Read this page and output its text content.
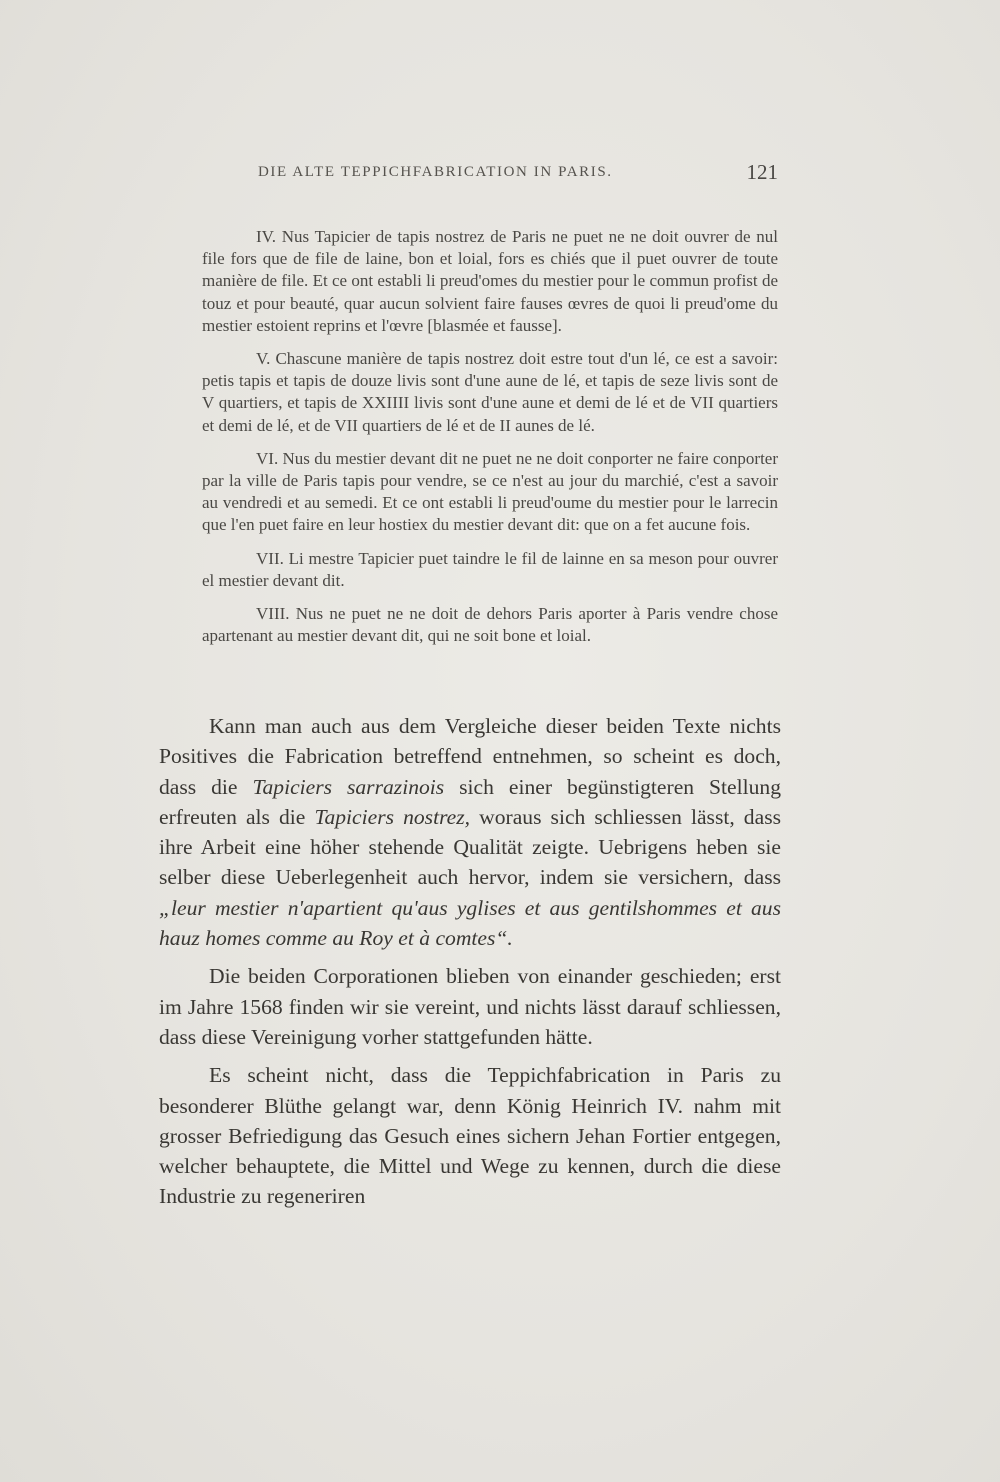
DIE ALTE TEPPICHFABRICATION IN PARIS.	121

IV. Nus Tapicier de tapis nostrez de Paris ne puet ne ne doit ouvrer de nul file fors que de file de laine, bon et loial, fors es chiés que il puet ouvrer de toute manière de file. Et ce ont establi li preud'omes du mestier pour le commun profist de touz et pour beauté, quar aucun solvient faire fauses œvres de quoi li preud'ome du mestier estoient reprins et l'œvre [blasmée et fausse].

V. Chascune manière de tapis nostrez doit estre tout d'un lé, ce est a savoir: petis tapis et tapis de douze livis sont d'une aune de lé, et tapis de seze livis sont de V quartiers, et tapis de XXIIII livis sont d'une aune et demi de lé et de VII quartiers et demi de lé, et de VII quartiers de lé et de II aunes de lé.

VI. Nus du mestier devant dit ne puet ne ne doit conporter ne faire conporter par la ville de Paris tapis pour vendre, se ce n'est au jour du marchié, c'est a savoir au vendredi et au semedi. Et ce ont establi li preud'oume du mestier pour le larrecin que l'en puet faire en leur hostiex du mestier devant dit: que on a fet aucune fois.

VII. Li mestre Tapicier puet taindre le fil de lainne en sa meson pour ouvrer el mestier devant dit.

VIII. Nus ne puet ne ne doit de dehors Paris aporter à Paris vendre chose apartenant au mestier devant dit, qui ne soit bone et loial.

Kann man auch aus dem Vergleiche dieser beiden Texte nichts Positives die Fabrication betreffend entnehmen, so scheint es doch, dass die Tapiciers sarrazinois sich einer begünstigteren Stellung erfreuten als die Tapiciers nostrez, woraus sich schliessen lässt, dass ihre Arbeit eine höher stehende Qualität zeigte. Uebrigens heben sie selber diese Ueberlegenheit auch hervor, indem sie versichern, dass „leur mestier n'apartient qu'aus yglises et aus gentilshommes et aus hauz homes comme au Roy et à comtes“.

Die beiden Corporationen blieben von einander geschieden; erst im Jahre 1568 finden wir sie vereint, und nichts lässt darauf schliessen, dass diese Vereinigung vorher stattgefunden hätte.

Es scheint nicht, dass die Teppichfabrication in Paris zu besonderer Blüthe gelangt war, denn König Heinrich IV. nahm mit grosser Befriedigung das Gesuch eines sichern Jehan Fortier entgegen, welcher behauptete, die Mittel und Wege zu kennen, durch die diese Industrie zu regeneriren
